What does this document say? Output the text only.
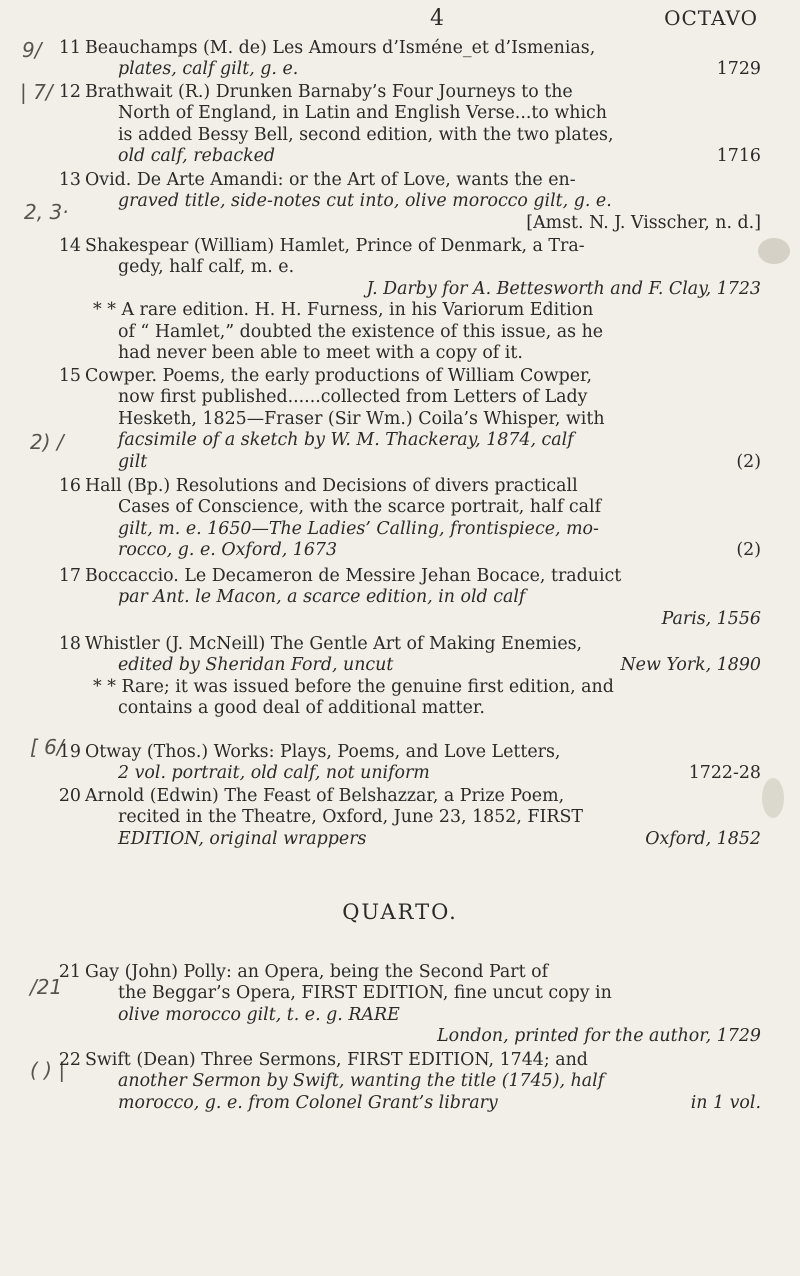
4	OCTAVO
9/
| 7/
2, 3·
2) /
[ 6/
/21
( ) |
11 Beauchamps (M. de) Les Amours d’Isméne_et d’Ismenias,
plates, calf gilt, g. e.	1729
12 Brathwait (R.) Drunken Barnaby’s Four Journeys to the
North of England, in Latin and English Verse...to which
is added Bessy Bell, second edition, with the two plates,
old calf, rebacked	1716
13 Ovid. De Arte Amandi: or the Art of Love, wants the en-
graved title, side-notes cut into, olive morocco gilt, g. e.
[Amst. N. J. Visscher, n. d.]
14 Shakespear (William) Hamlet, Prince of Denmark, a Tra-
gedy, half calf, m. e.
J. Darby for A. Bettesworth and F. Clay, 1723
* * A rare edition. H. H. Furness, in his Variorum Edition
of “ Hamlet,” doubted the existence of this issue, as he
had never been able to meet with a copy of it.
15 Cowper. Poems, the early productions of William Cowper,
now first published......collected from Letters of Lady
Hesketh, 1825—Fraser (Sir Wm.) Coila’s Whisper, with
facsimile of a sketch by W. M. Thackeray, 1874, calf
gilt	(2)
16 Hall (Bp.) Resolutions and Decisions of divers practicall
Cases of Conscience, with the scarce portrait, half calf
gilt, m. e. 1650—The Ladies’ Calling, frontispiece, mo-
rocco, g. e. Oxford, 1673	(2)
17 Boccaccio. Le Decameron de Messire Jehan Bocace, traduict
par Ant. le Macon, a scarce edition, in old calf
Paris, 1556
18 Whistler (J. McNeill) The Gentle Art of Making Enemies,
edited by Sheridan Ford, uncut	New York, 1890
* * Rare; it was issued before the genuine first edition, and
contains a good deal of additional matter.
19 Otway (Thos.) Works: Plays, Poems, and Love Letters,
2 vol. portrait, old calf, not uniform	1722-28
20 Arnold (Edwin) The Feast of Belshazzar, a Prize Poem,
recited in the Theatre, Oxford, June 23, 1852, FIRST
EDITION, original wrappers	Oxford, 1852
QUARTO.
21 Gay (John) Polly: an Opera, being the Second Part of
the Beggar’s Opera, FIRST EDITION, fine uncut copy in
olive morocco gilt, t. e. g. RARE
London, printed for the author, 1729
22 Swift (Dean) Three Sermons, FIRST EDITION, 1744; and
another Sermon by Swift, wanting the title (1745), half
morocco, g. e. from Colonel Grant’s library	in 1 vol.
